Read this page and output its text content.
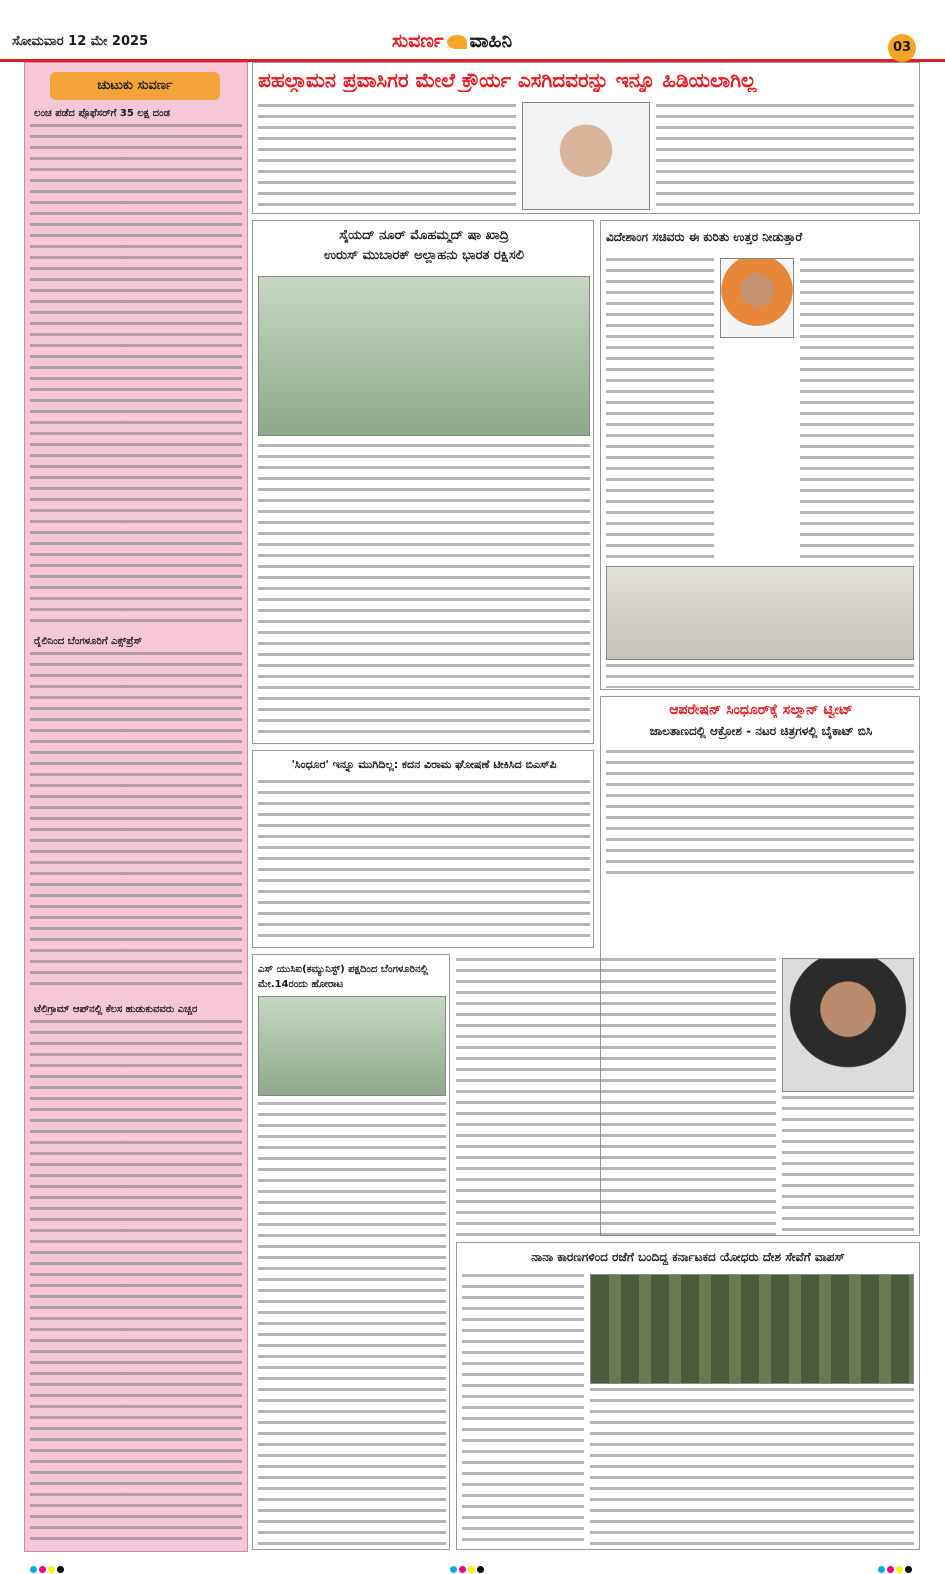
ಸೋಮವಾರ 12 ಮೇ 2025	ಸುವರ್ಣ ವಾಹಿನಿ	03
ಚುಟುಕು ಸುವರ್ಣ
ಲಂಚ ಪಡೆದ ಪ್ರೊಫೆಸರ್‌ಗೆ 35 ಲಕ್ಷ ದಂಡ
ರೈಲಿನಿಂದ ಬೆಂಗಳೂರಿಗೆ ಎಕ್ಸ್‌ಪ್ರೆಸ್
ಟೆಲಿಗ್ರಾಮ್ ಆಪ್‌ನಲ್ಲಿ ಕೆಲಸ ಹುಡುಕುವವರು ಎಚ್ಚರ
ಪಹಲ್ಗಾಮನ ಪ್ರವಾಸಿಗರ ಮೇಲೆ ಕ್ರೌರ್ಯ ಎಸಗಿದವರನ್ನು ಇನ್ನೂ ಹಿಡಿಯಲಾಗಿಲ್ಲ
ಸೈಯದ್ ನೂರ್ ಮೊಹಮ್ಮದ್ ಷಾ ಖಾದ್ರಿ
ಉರುಸ್ ಮುಬಾರಕ್ ಅಲ್ಲಾಹನು ಭಾರತ ರಕ್ಷಿಸಲಿ
ವಿದೇಶಾಂಗ ಸಚಿವರು ಈ ಕುರಿತು ಉತ್ತರ ನೀಡುತ್ತಾರೆ
'ಸಿಂಧೂರ' ಇನ್ನೂ ಮುಗಿದಿಲ್ಲ: ಕದನ ವಿರಾಮ ಘೋಷಣೆ ಟೀಕಿಸಿದ ಬಿಎಸ್‌ಪಿ
ಆಪರೇಷನ್ ಸಿಂಧೂರ್‌ಕ್ಕೆ ಸಲ್ಮಾನ್ ಟ್ವೀಟ್
ಜಾಲತಾಣದಲ್ಲಿ ಆಕ್ರೋಶ - ನಟರ ಚಿತ್ರಗಳಲ್ಲಿ ಬೈಕಾಟ್ ಬಿಸಿ
ಎಸ್ ಯುಸಿಐ(ಕಮ್ಯುನಿಸ್ಟ್) ಪಕ್ಷದಿಂದ ಬೆಂಗಳೂರಿನಲ್ಲಿ ಮೇ.14ರಂದು ಹೋರಾಟ
ನಾನಾ ಕಾರಣಗಳಿಂದ ರಜೆಗೆ ಬಂದಿದ್ದ ಕರ್ನಾಟಕದ ಯೋಧರು ದೇಶ ಸೇವೆಗೆ ವಾಪಸ್
